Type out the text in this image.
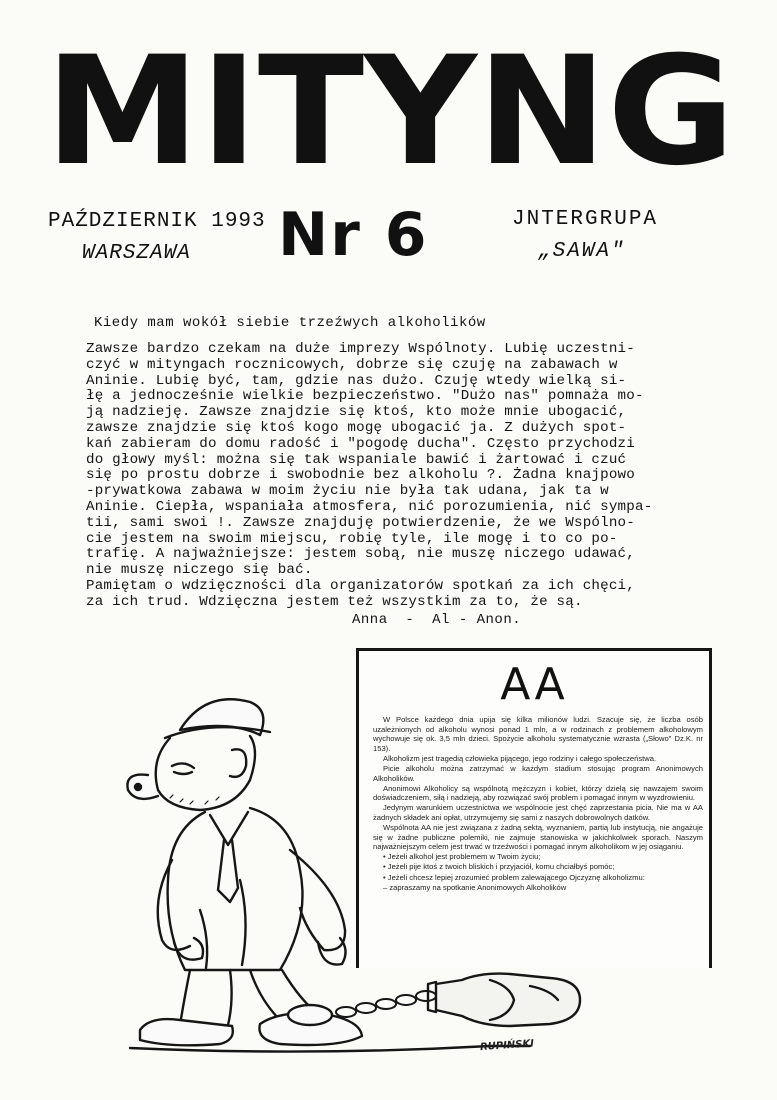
MITYNG
PAŹDZIERNIK 1993
WARSZAWA	Nr 6	JNTERGRUPA
„SAWA"
Kiedy mam wokół siebie trzeźwych alkoholików
Zawsze bardzo czekam na duże imprezy Wspólnoty. Lubię uczestni-
czyć w mityngach rocznicowych, dobrze się czuję na zabawach w
Aninie. Lubię być, tam, gdzie nas dużo. Czuję wtedy wielką si-
łę a jednocześnie wielkie bezpieczeństwo. "Dużo nas" pomnaża mo-
ją nadzieję. Zawsze znajdzie się ktoś, kto może mnie ubogacić,
zawsze znajdzie się ktoś kogo mogę ubogacić ja. Z dużych spot-
kań zabieram do domu radość i "pogodę ducha". Często przychodzi
do głowy myśl: można się tak wspaniale bawić i żartować i czuć
się po prostu dobrze i swobodnie bez alkoholu ?. Żadna knajpowo
-prywatkowa zabawa w moim życiu nie była tak udana, jak ta w
Aninie. Ciepła, wspaniała atmosfera, nić porozumienia, nić sympa-
tii, sami swoi !. Zawsze znajduję potwierdzenie, że we Wspólno-
cie jestem na swoim miejscu, robię tyle, ile mogę i to co po-
trafię. A najważniejsze: jestem sobą, nie muszę niczego udawać,
nie muszę niczego się bać.
Pamiętam o wdzięczności dla organizatorów spotkań za ich chęci,
za ich trud. Wdzięczna jestem też wszystkim za to, że są.
Anna  -  Al - Anon.
RUPIŃSKI
AA

W Polsce każdego dnia upija się kilka milionów ludzi. Szacuje się, że liczba osób uzależnionych od alkoholu wynosi ponad 1 mln, a w rodzinach z problemem alkoholowym wychowuje się ok. 3,5 mln dzieci. Spożycie alkoholu systematycznie wzrasta („Słowo" Dz.K. nr 153).

Alkoholizm jest tragedią człowieka pijącego, jego rodziny i całego społeczeństwa.

Picie alkoholu można zatrzymać w każdym stadium stosując program Anonimowych Alkoholików.

Anonimowi Alkoholicy są wspólnotą mężczyzn i kobiet, którzy dzielą się nawzajem swoim doświadczeniem, siłą i nadzieją, aby rozwiązać swój problem i pomagać innym w wyzdrowieniu.

Jedynym warunkiem uczestnictwa we wspólnocie jest chęć zaprzestania picia. Nie ma w AA żadnych składek ani opłat, utrzymujemy się sami z naszych dobrowolnych datków.

Wspólnota AA nie jest związana z żadną sektą, wyznaniem, partią lub instytucją, nie angażuje się w żadne publiczne polemiki, nie zajmuje stanowiska w jakichkolwiek sporach. Naszym najważniejszym celem jest trwać w trzeźwości i pomagać innym alkoholikom w jej osiąganiu.

• Jeżeli alkohol jest problemem w Twoim życiu;

• Jeżeli pije ktoś z twoich bliskich i przyjaciół, komu chciałbyś pomóc;

• Jeżeli chcesz lepiej zrozumieć problem zalewającego Ojczyznę alkoholizmu:

– zapraszamy na spotkanie Anonimowych Alkoholików
